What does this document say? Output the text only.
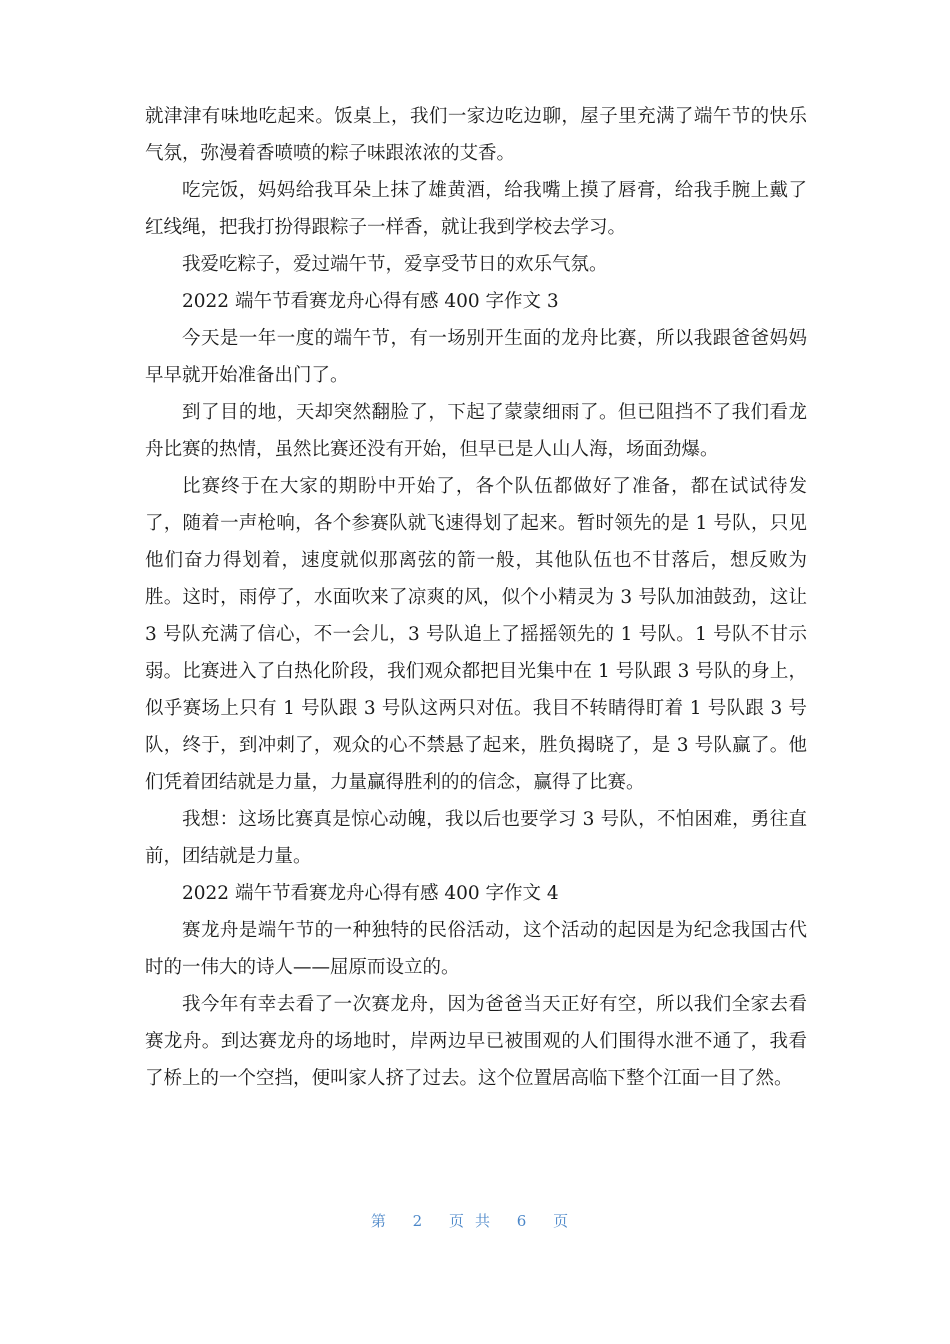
就津津有味地吃起来。饭桌上，我们一家边吃边聊，屋子里充满了端午节的快乐气氛，弥漫着香喷喷的粽子味跟浓浓的艾香。

吃完饭，妈妈给我耳朵上抹了雄黄酒，给我嘴上摸了唇膏，给我手腕上戴了红线绳，把我打扮得跟粽子一样香，就让我到学校去学习。

我爱吃粽子，爱过端午节，爱享受节日的欢乐气氛。

2022 端午节看赛龙舟心得有感 400 字作文 3

今天是一年一度的端午节，有一场别开生面的龙舟比赛，所以我跟爸爸妈妈早早就开始准备出门了。

到了目的地，天却突然翻脸了，下起了蒙蒙细雨了。但已阻挡不了我们看龙舟比赛的热情，虽然比赛还没有开始，但早已是人山人海，场面劲爆。

比赛终于在大家的期盼中开始了，各个队伍都做好了准备，都在试试待发了，随着一声枪响，各个参赛队就飞速得划了起来。暂时领先的是 1 号队，只见他们奋力得划着，速度就似那离弦的箭一般，其他队伍也不甘落后，想反败为胜。这时，雨停了，水面吹来了凉爽的风，似个小精灵为 3 号队加油鼓劲，这让 3 号队充满了信心，不一会儿，3 号队追上了摇摇领先的 1 号队。1 号队不甘示弱。比赛进入了白热化阶段，我们观众都把目光集中在 1 号队跟 3 号队的身上，似乎赛场上只有 1 号队跟 3 号队这两只对伍。我目不转睛得盯着 1 号队跟 3 号队，终于，到冲刺了，观众的心不禁悬了起来，胜负揭晓了，是 3 号队赢了。他们凭着团结就是力量，力量赢得胜利的的信念，赢得了比赛。

我想：这场比赛真是惊心动魄，我以后也要学习 3 号队，不怕困难，勇往直前，团结就是力量。

2022 端午节看赛龙舟心得有感 400 字作文 4

赛龙舟是端午节的一种独特的民俗活动，这个活动的起因是为纪念我国古代时的一伟大的诗人——屈原而设立的。

我今年有幸去看了一次赛龙舟，因为爸爸当天正好有空，所以我们全家去看赛龙舟。到达赛龙舟的场地时，岸两边早已被围观的人们围得水泄不通了，我看了桥上的一个空挡，便叫家人挤了过去。这个位置居高临下整个江面一目了然。

第 2 页共 6 页
